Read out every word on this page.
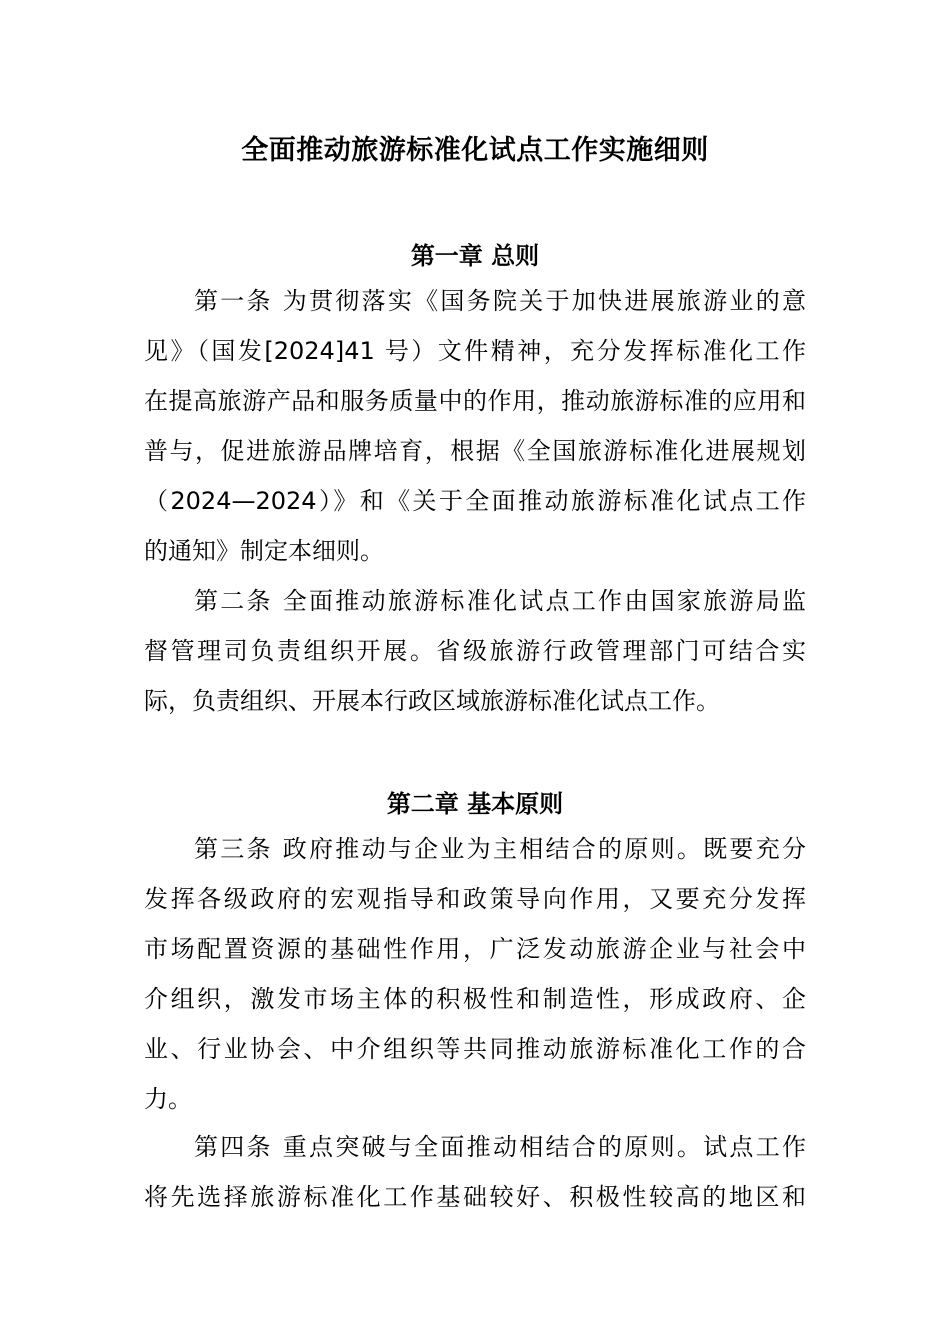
全面推动旅游标准化试点工作实施细则
第一章 总则
第一条 为贯彻落实《国务院关于加快进展旅游业的意
见》（国发[2024]41 号）文件精神，充分发挥标准化工作
在提高旅游产品和服务质量中的作用，推动旅游标准的应用和
普与，促进旅游品牌培育，根据《全国旅游标准化进展规划
（2024—2024）》和《关于全面推动旅游标准化试点工作
的通知》制定本细则。
第二条 全面推动旅游标准化试点工作由国家旅游局监
督管理司负责组织开展。省级旅游行政管理部门可结合实
际，负责组织、开展本行政区域旅游标准化试点工作。
第二章 基本原则
第三条 政府推动与企业为主相结合的原则。既要充分
发挥各级政府的宏观指导和政策导向作用，又要充分发挥
市场配置资源的基础性作用，广泛发动旅游企业与社会中
介组织，激发市场主体的积极性和制造性，形成政府、企
业、行业协会、中介组织等共同推动旅游标准化工作的合
力。
第四条 重点突破与全面推动相结合的原则。试点工作
将先选择旅游标准化工作基础较好、积极性较高的地区和
